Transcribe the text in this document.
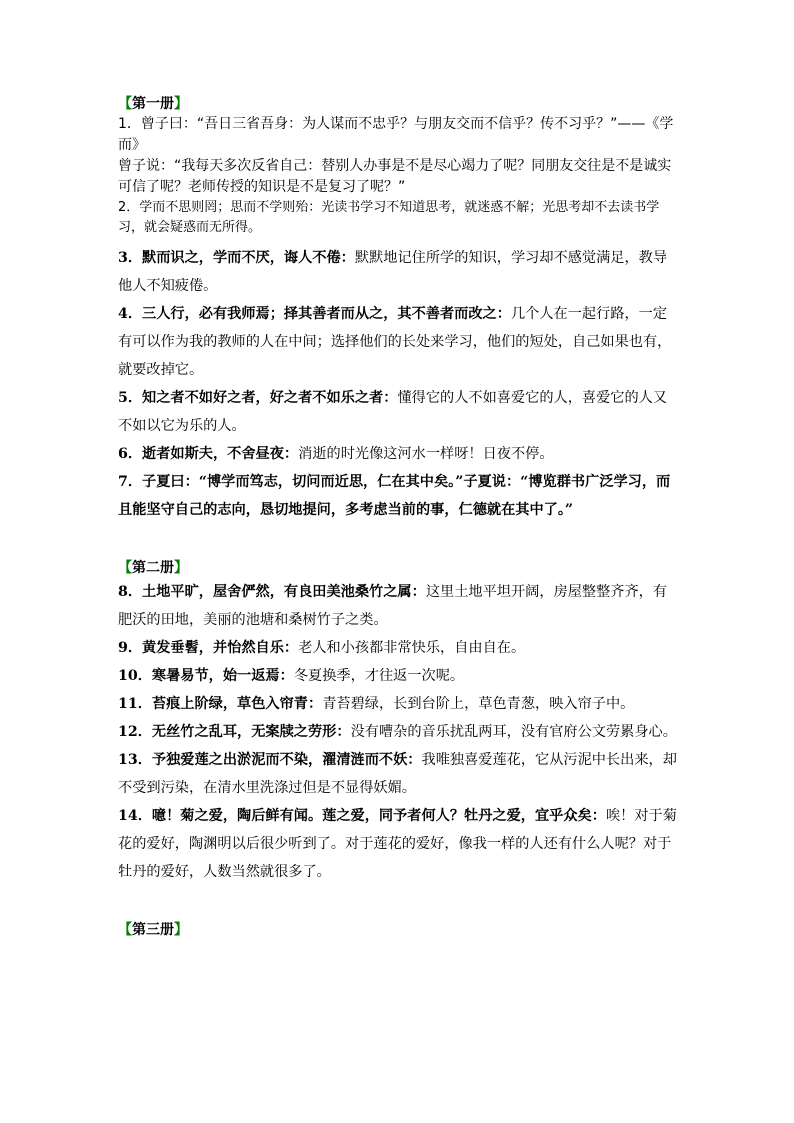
【第一册】

1．曾子曰：“吾日三省吾身：为人谋而不忠乎？与朋友交而不信乎？传不习乎？”——《学而》

曾子说：“我每天多次反省自己：替别人办事是不是尽心竭力了呢？同朋友交往是不是诚实可信了呢？老师传授的知识是不是复习了呢？”

2．学而不思则罔；思而不学则殆：光读书学习不知道思考，就迷惑不解；光思考却不去读书学习，就会疑惑而无所得。

3．默而识之，学而不厌，诲人不倦：默默地记住所学的知识，学习却不感觉满足，教导他人不知疲倦。

4．三人行，必有我师焉；择其善者而从之，其不善者而改之：几个人在一起行路，一定有可以作为我的教师的人在中间；选择他们的长处来学习，他们的短处，自己如果也有，就要改掉它。

5．知之者不如好之者，好之者不如乐之者：懂得它的人不如喜爱它的人，喜爱它的人又不如以它为乐的人。

6．逝者如斯夫，不舍昼夜：消逝的时光像这河水一样呀！日夜不停。

7．子夏曰：“博学而笃志，切问而近思，仁在其中矣。”子夏说：“博览群书广泛学习，而且能坚守自己的志向，恳切地提问，多考虑当前的事，仁德就在其中了。”

【第二册】

8．土地平旷，屋舍俨然，有良田美池桑竹之属：这里土地平坦开阔，房屋整整齐齐，有肥沃的田地，美丽的池塘和桑树竹子之类。

9．黄发垂髫，并怡然自乐：老人和小孩都非常快乐，自由自在。

10．寒暑易节，始一返焉：冬夏换季，才往返一次呢。

11．苔痕上阶绿，草色入帘青：青苔碧绿，长到台阶上，草色青葱，映入帘子中。

12．无丝竹之乱耳，无案牍之劳形：没有嘈杂的音乐扰乱两耳，没有官府公文劳累身心。

13．予独爱莲之出淤泥而不染，濯清涟而不妖：我唯独喜爱莲花，它从污泥中长出来，却不受到污染，在清水里洗涤过但是不显得妖媚。

14．噫！菊之爱，陶后鲜有闻。莲之爱，同予者何人？牡丹之爱，宜乎众矣：唉！对于菊花的爱好，陶渊明以后很少听到了。对于莲花的爱好，像我一样的人还有什么人呢？对于牡丹的爱好，人数当然就很多了。

【第三册】
